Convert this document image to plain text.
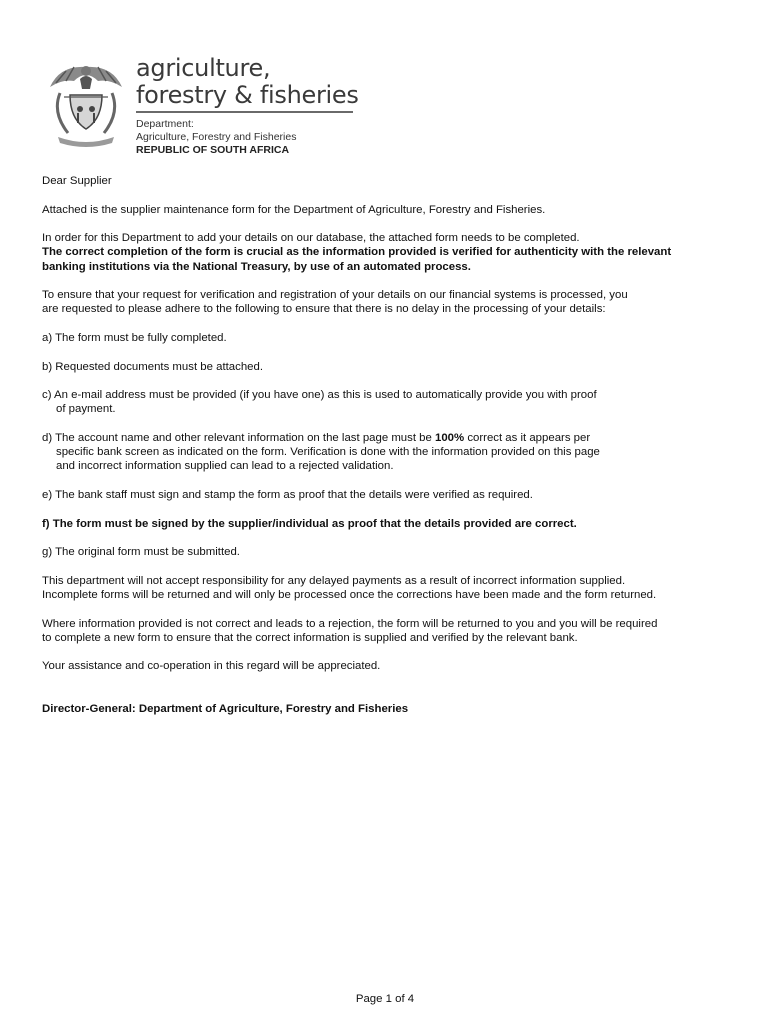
agriculture,
forestry & fisheries
Department:
Agriculture, Forestry and Fisheries
REPUBLIC OF SOUTH AFRICA

Dear Supplier

Attached is the supplier maintenance form for the Department of Agriculture, Forestry and Fisheries.

In order for this Department to add your details on our database, the attached form needs to be completed.

The correct completion of the form is crucial as the information provided is verified for authenticity with the relevant

banking institutions via the National Treasury, by use of an automated process.

To ensure that your request for verification and registration of your details on our financial systems is processed, you

are requested to please adhere to the following to ensure that there is no delay in the processing of your details:

a) The form must be fully completed.

b) Requested documents must be attached.

c) An e-mail address must be provided (if you have one) as this is used to automatically provide you with proof

of payment.

d) The account name and other relevant information on the last page must be 100% correct as it appears per

specific bank screen as indicated on the form. Verification is done with the information provided on this page

and incorrect information supplied can lead to a rejected validation.

e) The bank staff must sign and stamp the form as proof that the details were verified as required.

f) The form must be signed by the supplier/individual as proof that the details provided are correct.

g) The original form must be submitted.

This department will not accept responsibility for any delayed payments as a result of incorrect information supplied.

Incomplete forms will be returned and will only be processed once the corrections have been made and the form returned.

Where information provided is not correct and leads to a rejection, the form will be returned to you and you will be required

to complete a new form to ensure that the correct information is supplied and verified by the relevant bank.

Your assistance and co-operation in this regard will be appreciated.

Director-General: Department of Agriculture, Forestry and Fisheries

Page 1 of 4
